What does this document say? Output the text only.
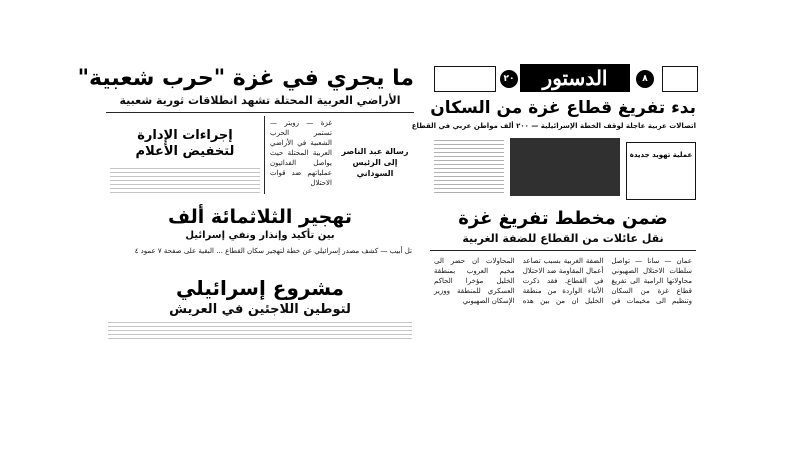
ما يجري في غزة "حرب شعبية"
الأراضي العربية المحتلة تشهد انطلاقات ثورية شعبية
إجراءات الإدارة لتخفيض الأعلام	رسالة عبد الناصر إلى الرئيس السوداني
غزة — رويتر — تستمر الحرب الشعبية في الأراضي العربية المحتلة حيث يواصل الفدائيون عملياتهم ضد قوات الاحتلال
الدستور
٢٠	٨
بدء تفريغ قطاع غزة من السكان
اتصالات عربية عاجلة لوقف الخطة الإسرائيلية — ٢٠٠ ألف مواطن عربي في القطاع
عملية تهويد جديدة
تهجير الثلاثمائة ألف
بين تأكيد وإنذار ونفي إسرائيل
تل أبيب — كشف مصدر إسرائيلي عن خطة لتهجير سكان القطاع ... البقية على صفحة ٧ عمود ٤
مشروع إسرائيلي
لتوطين اللاجئين في العريش
ضمن مخطط تفريغ غزة
نقل عائلات من القطاع للضفة الغربية
عمان — سانا — تواصل سلطات الاحتلال الصهيوني محاولاتها الرامية الى تفريغ قطاع غزة من السكان وتنظيم الى مخيمات في الضفة الغربية بسبب تصاعد أعمال المقاومة ضد الاحتلال في القطاع. فقد ذكرت الأنباء الواردة من منطقة الخليل ان من بين هذه المحاولات ان حضر الى مخيم العروب بمنطقة الخليل مؤخرا الحاكم العسكري للمنطقة ووزير الإسكان الصهيوني
